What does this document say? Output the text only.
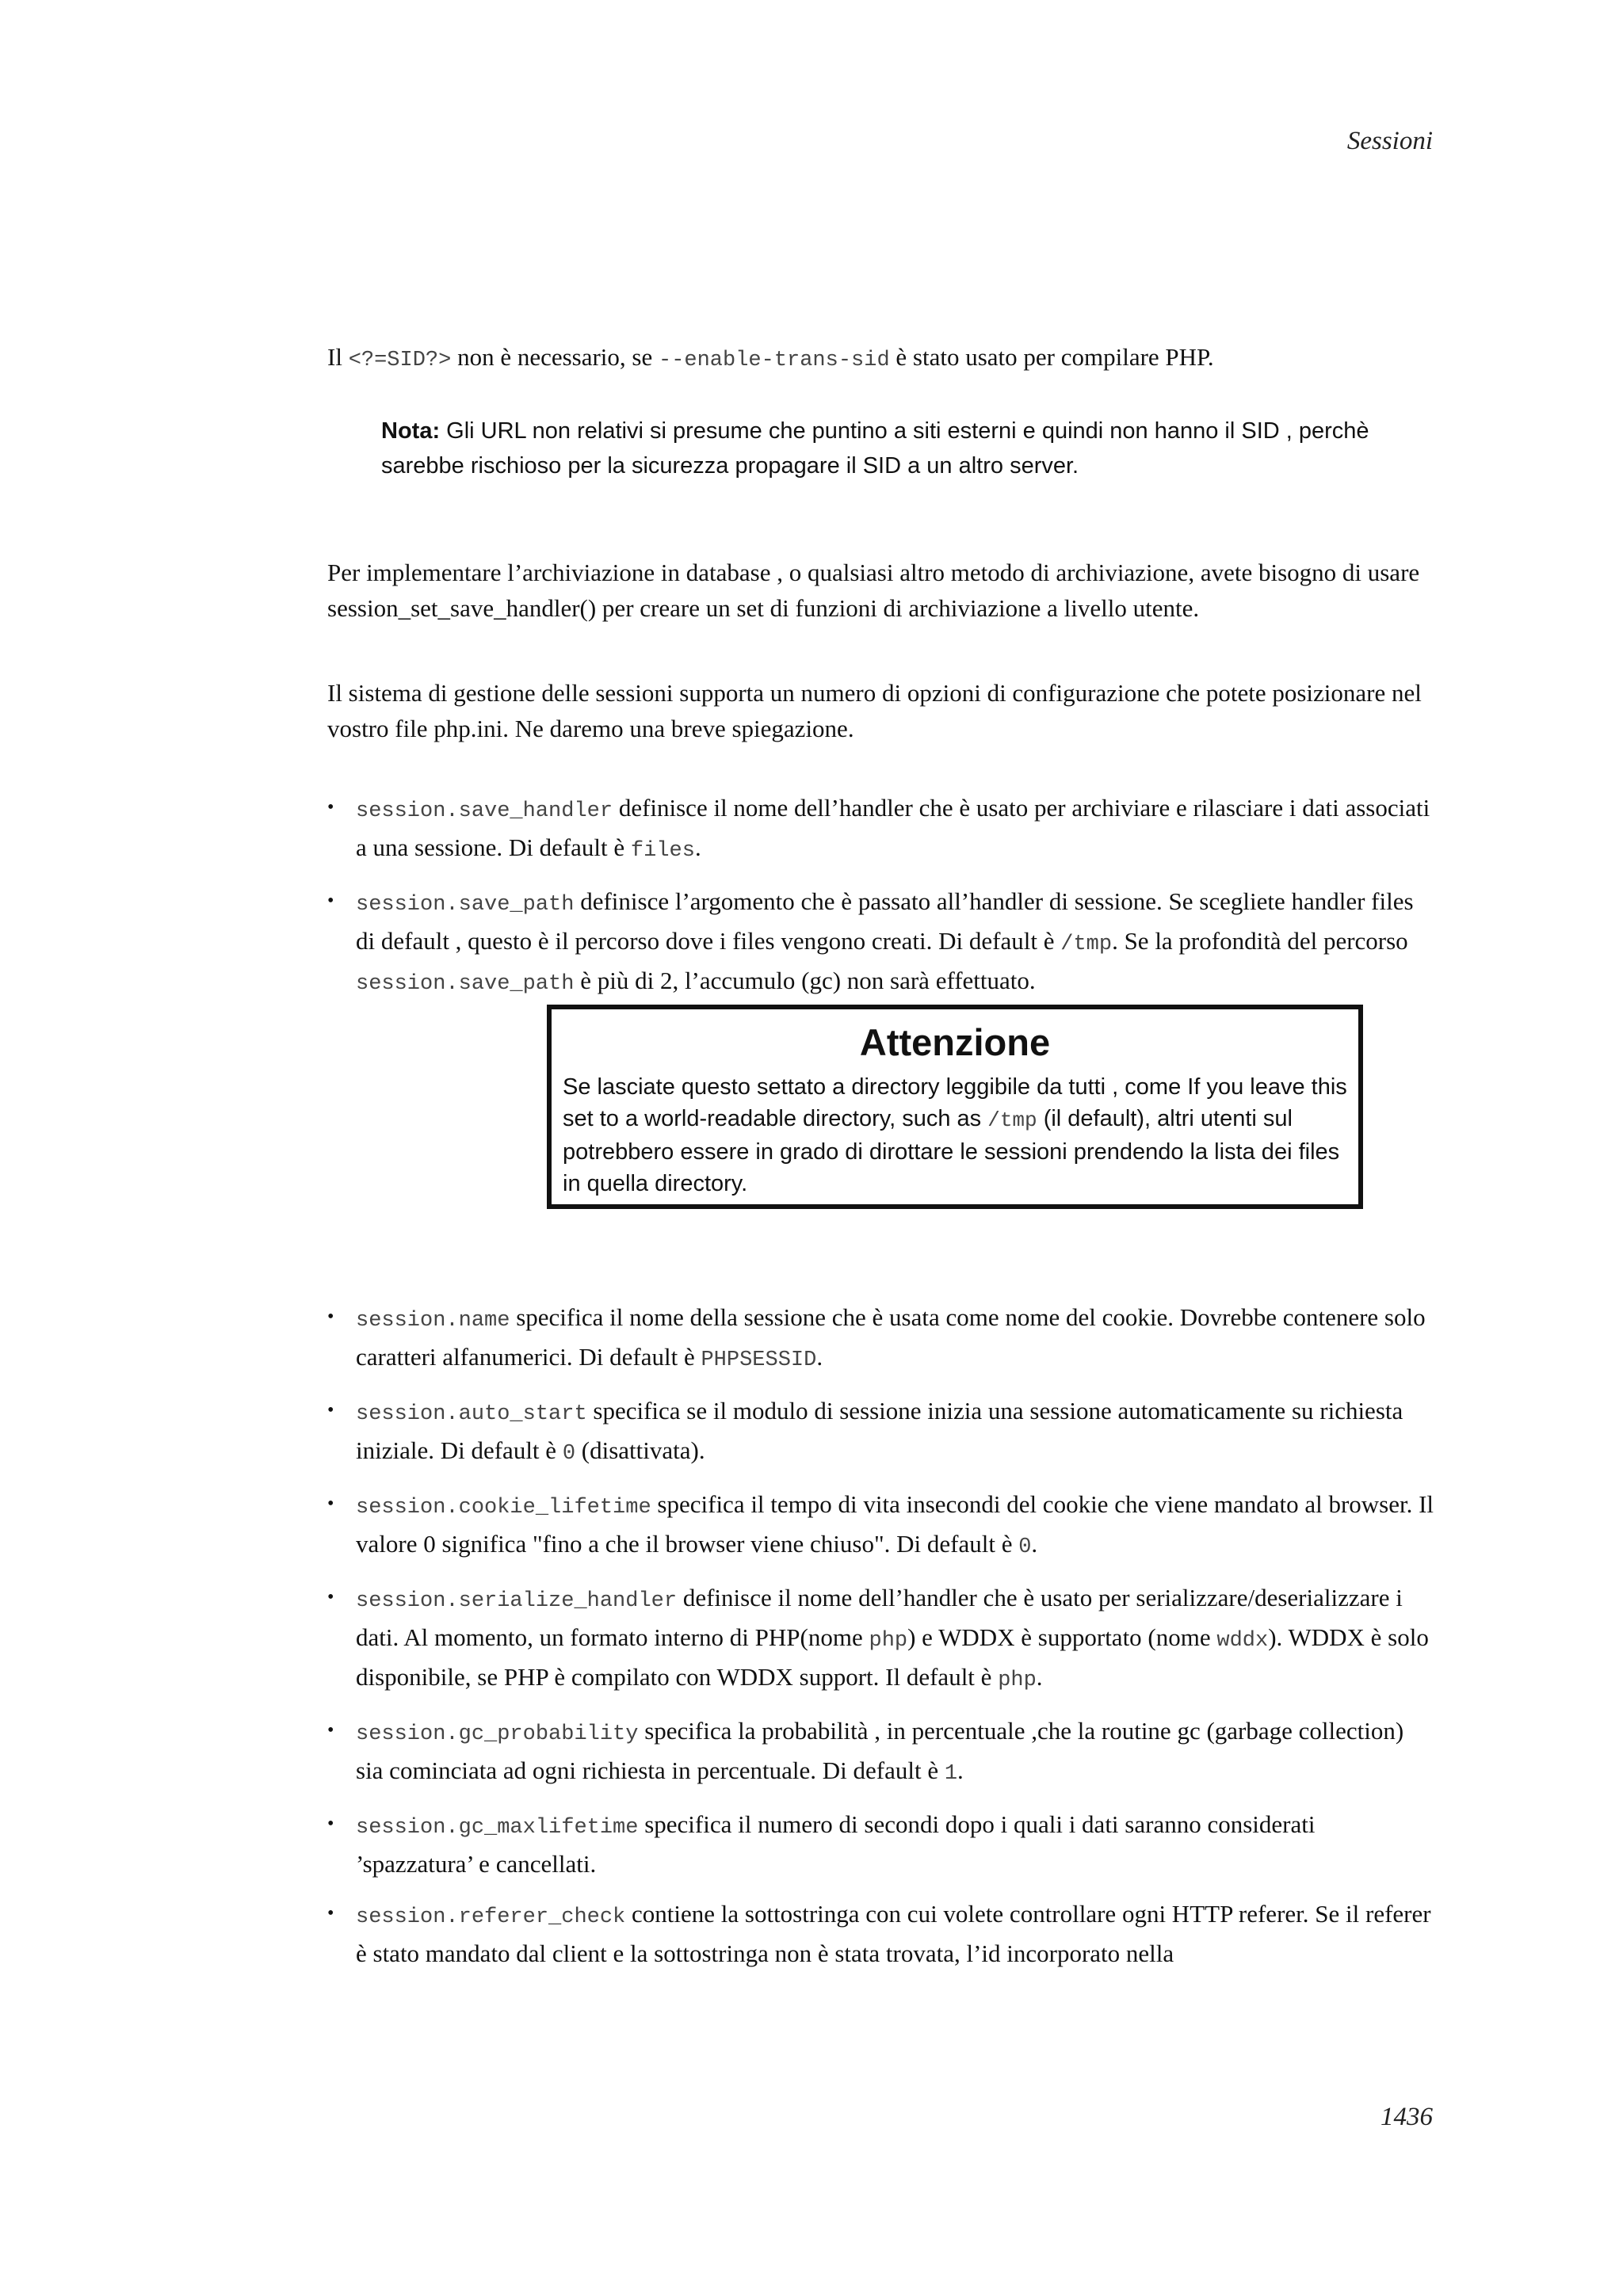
Sessioni
Il <?=SID?> non è necessario, se --enable-trans-sid è stato usato per compilare PHP.
Nota: Gli URL non relativi si presume che puntino a siti esterni e quindi non hanno il SID , perchè sarebbe rischioso per la sicurezza propagare il SID a un altro server.

Per implementare l’archiviazione in database , o qualsiasi altro metodo di archiviazione, avete bisogno di usare session_set_save_handler() per creare un set di funzioni di archiviazione a livello utente.

Il sistema di gestione delle sessioni supporta un numero di opzioni di configurazione che potete posizionare nel vostro file php.ini. Ne daremo una breve spiegazione.

• session.save_handler definisce il nome dell’handler che è usato per archiviare e rilasciare i dati associati a una sessione. Di default è files.
• session.save_path definisce l’argomento che è passato all’handler di sessione. Se scegliete handler files di default , questo è il percorso dove i files vengono creati. Di default è /tmp. Se la profondità del percorso session.save_path è più di 2, l’accumulo (gc) non sarà effettuato.
Attenzione
Se lasciate questo settato a directory leggibile da tutti , come If you leave this set to a world-readable directory, such as /tmp (il default), altri utenti sul potrebbero essere in grado di dirottare le sessioni prendendo la lista dei files in quella directory.
• session.name specifica il nome della sessione che è usata come nome del cookie. Dovrebbe contenere solo caratteri alfanumerici. Di default è PHPSESSID.
• session.auto_start specifica se il modulo di sessione inizia una sessione automaticamente su richiesta iniziale. Di default è 0 (disattivata).
• session.cookie_lifetime specifica il tempo di vita insecondi del cookie che viene mandato al browser. Il valore 0 significa "fino a che il browser viene chiuso". Di default è 0.
• session.serialize_handler definisce il nome dell’handler che è usato per serializzare/deserializzare i dati. Al momento, un formato interno di PHP(nome php) e WDDX è supportato (nome wddx). WDDX è solo disponibile, se PHP è compilato con WDDX support. Il default è php.
• session.gc_probability specifica la probabilità , in percentuale ,che la routine gc (garbage collection) sia cominciata ad ogni richiesta in percentuale. Di default è 1.
• session.gc_maxlifetime specifica il numero di secondi dopo i quali i dati saranno considerati ’spazzatura’ e cancellati.
• session.referer_check contiene la sottostringa con cui volete controllare ogni HTTP referer. Se il referer è stato mandato dal client e la sottostringa non è stata trovata, l’id incorporato nella
1436
